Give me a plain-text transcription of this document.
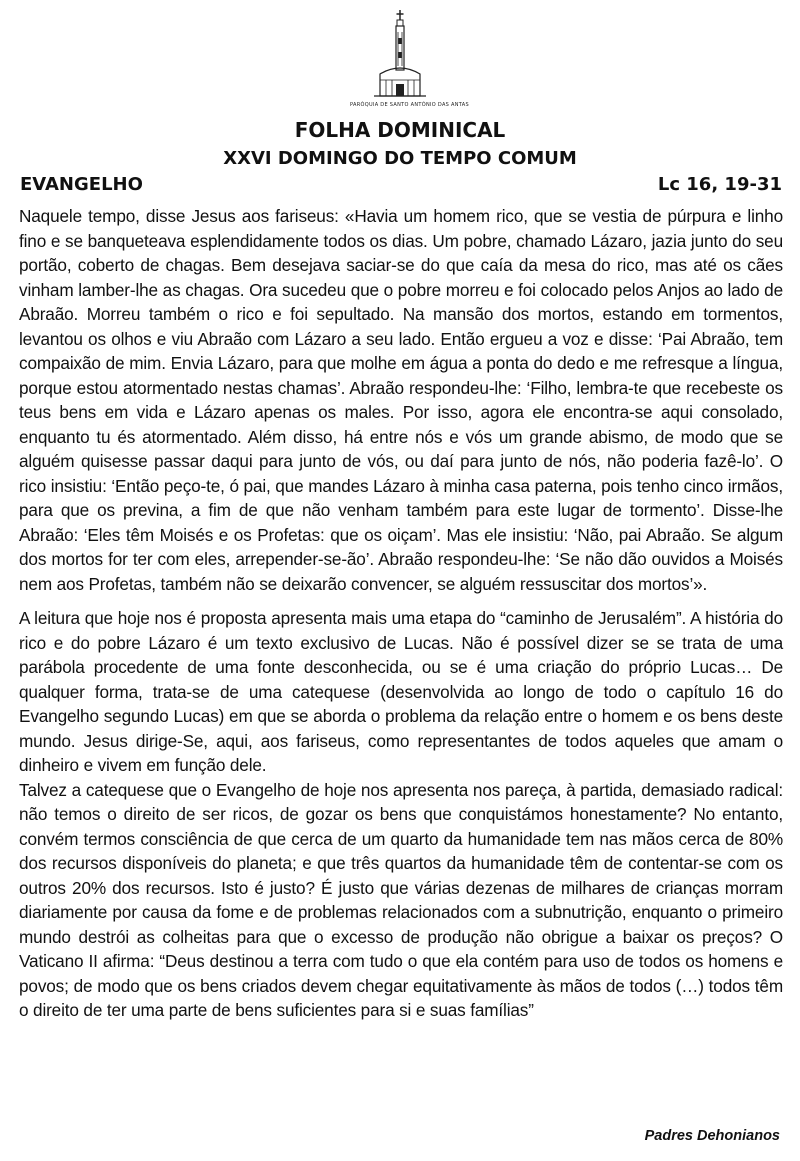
PARÓQUIA DE SANTO ANTÓNIO DAS ANTAS
FOLHA DOMINICAL
XXVI DOMINGO DO TEMPO COMUM
EVANGELHO	Lc 16, 19-31

Naquele tempo, disse Jesus aos fariseus: «Havia um homem rico, que se vestia de púrpura e linho fino e se banqueteava esplendidamente todos os dias. Um pobre, chamado Lázaro, jazia junto do seu portão, coberto de chagas. Bem desejava saciar-se do que caía da mesa do rico, mas até os cães vinham lamber-lhe as chagas. Ora sucedeu que o pobre morreu e foi colocado pelos Anjos ao lado de Abraão. Morreu também o rico e foi sepultado. Na mansão dos mortos, estando em tormentos, levantou os olhos e viu Abraão com Lázaro a seu lado. Então ergueu a voz e disse: ‘Pai Abraão, tem compaixão de mim. Envia Lázaro, para que molhe em água a ponta do dedo e me refresque a língua, porque estou atormentado nestas chamas’. Abraão respondeu-lhe: ‘Filho, lembra-te que recebeste os teus bens em vida e Lázaro apenas os males. Por isso, agora ele encontra-se aqui consolado, enquanto tu és atormentado. Além disso, há entre nós e vós um grande abismo, de modo que se alguém quisesse passar daqui para junto de vós, ou daí para junto de nós, não poderia fazê-lo’. O rico insistiu: ‘Então peço-te, ó pai, que mandes Lázaro à minha casa paterna, pois tenho cinco irmãos, para que os previna, a fim de que não venham também para este lugar de tormento’. Disse-lhe Abraão: ‘Eles têm Moisés e os Profetas: que os oiçam’. Mas ele insistiu: ‘Não, pai Abraão. Se algum dos mortos for ter com eles, arrepender-se-ão’. Abraão respondeu-lhe: ‘Se não dão ouvidos a Moisés nem aos Profetas, também não se deixarão convencer, se alguém ressuscitar dos mortos’».

A leitura que hoje nos é proposta apresenta mais uma etapa do “caminho de Jerusalém”. A história do rico e do pobre Lázaro é um texto exclusivo de Lucas. Não é possível dizer se se trata de uma parábola procedente de uma fonte desconhecida, ou se é uma criação do próprio Lucas… De qualquer forma, trata-se de uma catequese (desenvolvida ao longo de todo o capítulo 16 do Evangelho segundo Lucas) em que se aborda o problema da relação entre o homem e os bens deste mundo. Jesus dirige-Se, aqui, aos fariseus, como representantes de todos aqueles que amam o dinheiro e vivem em função dele.

Talvez a catequese que o Evangelho de hoje nos apresenta nos pareça, à partida, demasiado radical: não temos o direito de ser ricos, de gozar os bens que conquistámos honestamente? No entanto, convém termos consciência de que cerca de um quarto da humanidade tem nas mãos cerca de 80% dos recursos disponíveis do planeta; e que três quartos da humanidade têm de contentar-se com os outros 20% dos recursos. Isto é justo? É justo que várias dezenas de milhares de crianças morram diariamente por causa da fome e de problemas relacionados com a subnutrição, enquanto o primeiro mundo destrói as colheitas para que o excesso de produção não obrigue a baixar os preços? O Vaticano II afirma: “Deus destinou a terra com tudo o que ela contém para uso de todos os homens e povos; de modo que os bens criados devem chegar equitativamente às mãos de todos (…) todos têm o direito de ter uma parte de bens suficientes para si e suas famílias”

Padres Dehonianos
